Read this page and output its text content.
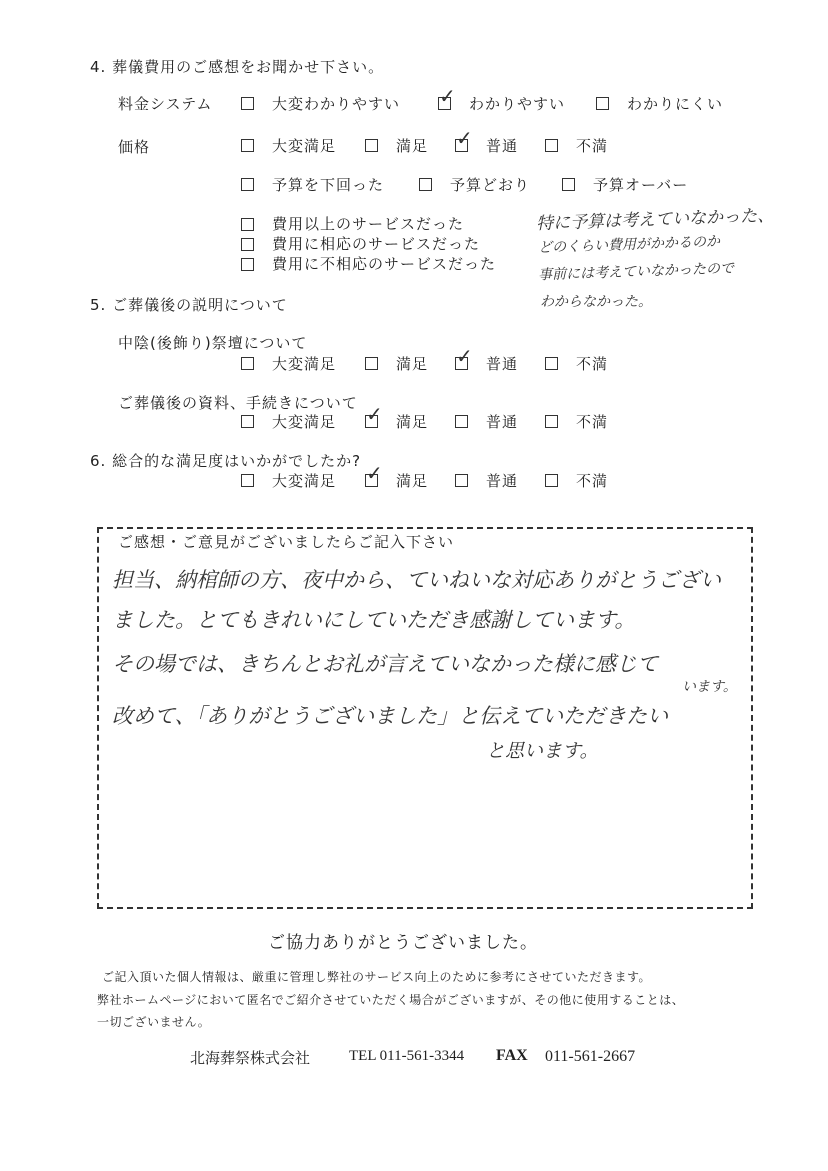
4. 葬儀費用のご感想をお聞かせ下さい。
料金システム	大変わかりやすい ✓ わかりやすい	わかりにくい
価格	大変満足	満足 ✓ 普通	不満
予算を下回った	予算どおり	予算オーバー
費用以上のサービスだった
費用に相応のサービスだった
費用に不相応のサービスだった
特に予算は考えていなかった、
どのくらい費用がかかるのか
事前には考えていなかったので
わからなかった。
5. ご葬儀後の説明について
中陰(後飾り)祭壇について
大変満足	満足 ✓ 普通	不満
ご葬儀後の資料、手続きについて
大変満足 ✓ 満足	普通	不満
6. 総合的な満足度はいかがでしたか?
大変満足 ✓ 満足	普通	不満
ご感想・ご意見がございましたらご記入下さい
担当、納棺師の方、夜中から、ていねいな対応ありがとうござい
ました。とてもきれいにしていただき感謝しています。
その場では、きちんとお礼が言えていなかった様に感じて
います。
改めて、「ありがとうございました」と伝えていただきたい
と思います。
ご協力ありがとうございました。
ご記入頂いた個人情報は、厳重に管理し弊社のサービス向上のために参考にさせていただきます。
弊社ホームページにおいて匿名でご紹介させていただく場合がございますが、その他に使用することは、
一切ございません。
北海葬祭株式会社	TEL 011-561-3344 FAX 011-561-2667
